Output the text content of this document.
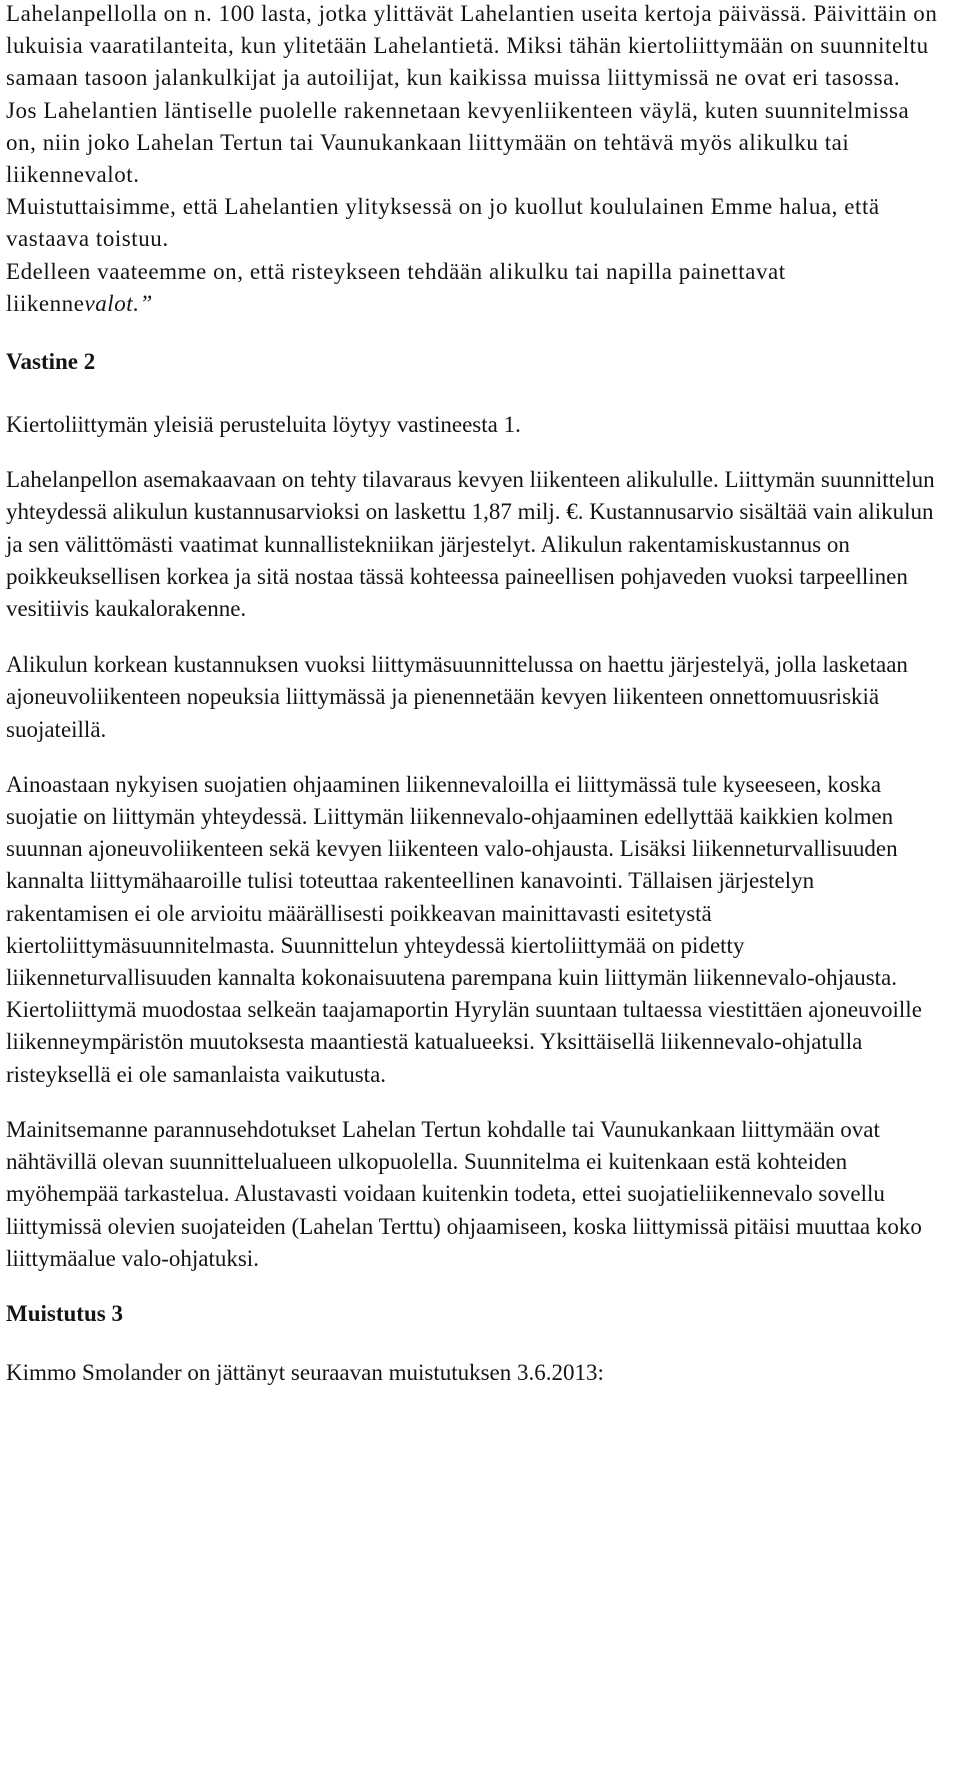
Lahelanpellolla on n. 100 lasta, jotka ylittävät Lahelantien useita kertoja päivässä. Päivittäin on lukuisia vaaratilanteita, kun ylitetään Lahelantietä. Miksi tähän kiertoliittymään on suunniteltu samaan tasoon jalankulkijat ja autoilijat, kun kaikissa muissa liittymissä ne ovat eri tasossa.

Jos Lahelantien läntiselle puolelle rakennetaan kevyenliikenteen väylä, kuten suunnitelmissa on, niin joko Lahelan Tertun tai Vaunukankaan liittymään on tehtävä myös alikulku tai liikennevalot.

Muistuttaisimme, että Lahelantien ylityksessä on jo kuollut koululainen Emme halua, että vastaava toistuu.

Edelleen vaateemme on, että risteykseen tehdään alikulku tai napilla painettavat liikennevalot.”

Vastine 2

Kiertoliittymän yleisiä perusteluita löytyy vastineesta 1.

Lahelanpellon asemakaavaan on tehty tilavaraus kevyen liikenteen alikululle. Liittymän suunnittelun yhteydessä alikulun kustannusarvioksi on laskettu 1,87 milj. €. Kustannusarvio sisältää vain alikulun ja sen välittömästi vaatimat kunnallistekniikan järjestelyt. Alikulun rakentamiskustannus on poikkeuksellisen korkea ja sitä nostaa tässä kohteessa paineellisen pohjaveden vuoksi tarpeellinen vesitiivis kaukalorakenne.

Alikulun korkean kustannuksen vuoksi liittymäsuunnittelussa on haettu järjestelyä, jolla lasketaan ajoneuvoliikenteen nopeuksia liittymässä ja pienennetään kevyen liikenteen onnettomuusriskiä suojateillä.

Ainoastaan nykyisen suojatien ohjaaminen liikennevaloilla ei liittymässä tule kyseeseen, koska suojatie on liittymän yhteydessä. Liittymän liikennevalo-ohjaaminen edellyttää kaikkien kolmen suunnan ajoneuvoliikenteen sekä kevyen liikenteen valo-ohjausta. Lisäksi liikenneturvallisuuden kannalta liittymähaaroille tulisi toteuttaa rakenteellinen kanavointi. Tällaisen järjestelyn rakentamisen ei ole arvioitu määrällisesti poikkeavan mainittavasti esitetystä kiertoliittymäsuunnitelmasta. Suunnittelun yhteydessä kiertoliittymää on pidetty liikenneturvallisuuden kannalta kokonaisuutena parempana kuin liittymän liikennevalo-ohjausta. Kiertoliittymä muodostaa selkeän taajamaportin Hyrylän suuntaan tultaessa viestittäen ajoneuvoille liikenneympäristön muutoksesta maantiestä katualueeksi. Yksittäisellä liikennevalo-ohjatulla risteyksellä ei ole samanlaista vaikutusta.

Mainitsemanne parannusehdotukset Lahelan Tertun kohdalle tai Vaunukankaan liittymään ovat nähtävillä olevan suunnittelualueen ulkopuolella. Suunnitelma ei kuitenkaan estä kohteiden myöhempää tarkastelua. Alustavasti voidaan kuitenkin todeta, ettei suojatieliikennevalo sovellu liittymissä olevien suojateiden (Lahelan Terttu) ohjaamiseen, koska liittymissä pitäisi muuttaa koko liittymäalue valo-ohjatuksi.

Muistutus 3

Kimmo Smolander on jättänyt seuraavan muistutuksen 3.6.2013:
